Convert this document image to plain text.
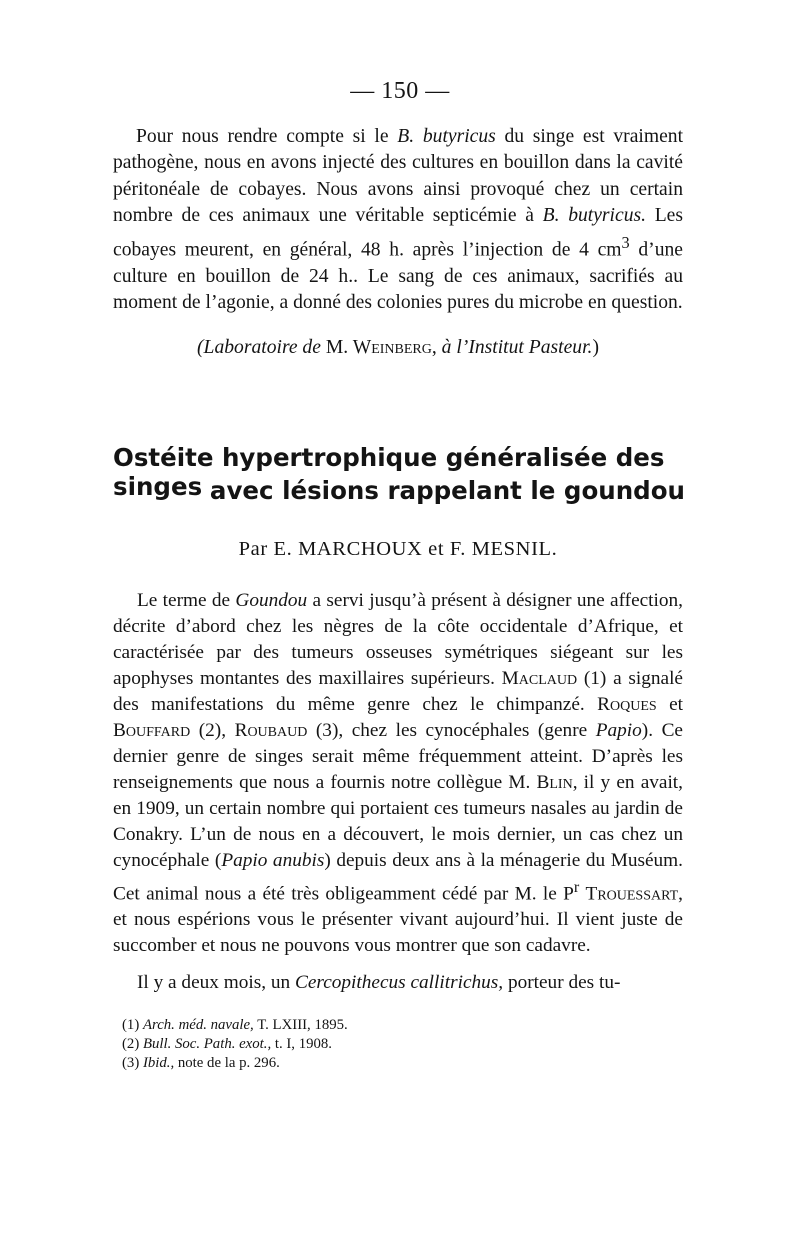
— 150 —

Pour nous rendre compte si le B. butyricus du singe est vraiment pathogène, nous en avons injecté des cultures en bouillon dans la cavité péritonéale de cobayes. Nous avons ainsi provoqué chez un certain nombre de ces animaux une véritable septicémie à B. butyricus. Les cobayes meurent, en général, 48 h. après l’injection de 4 $cm^3$ d’une culture en bouillon de 24 h.. Le sang de ces animaux, sacrifiés au moment de l’agonie, a donné des colonies pures du microbe en question.

(Laboratoire de M. Weinberg, à l’Institut Pasteur.)
Ostéite hypertrophique généralisée des singes avec lésions rappelant le goundou
Par E. MARCHOUX et F. MESNIL.

Le terme de Goundou a servi jusqu’à présent à désigner une affection, décrite d’abord chez les nègres de la côte occidentale d’Afrique, et caractérisée par des tumeurs osseuses symétriques siégeant sur les apophyses montantes des maxillaires supérieurs. Maclaud (1) a signalé des manifestations du même genre chez le chimpanzé. Roques et Bouffard (2), Roubaud (3), chez les cynocéphales (genre Papio). Ce dernier genre de singes serait même fréquemment atteint. D’après les renseignements que nous a fournis notre collègue M. Blin, il y en avait, en 1909, un certain nombre qui portaient ces tumeurs nasales au jardin de Conakry. L’un de nous en a découvert, le mois dernier, un cas chez un cynocéphale (Papio anubis) depuis deux ans à la ménagerie du Muséum. Cet animal nous a été très obligeamment cédé par M. le $P^r$ Trouessart, et nous espérions vous le présenter vivant aujourd’hui. Il vient juste de succomber et nous ne pouvons vous montrer que son cadavre.

Il y a deux mois, un Cercopithecus callitrichus, porteur des tu-

(1) Arch. méd. navale, T. LXIII, 1895.
(2) Bull. Soc. Path. exot., t. I, 1908.
(3) Ibid., note de la p. 296.
